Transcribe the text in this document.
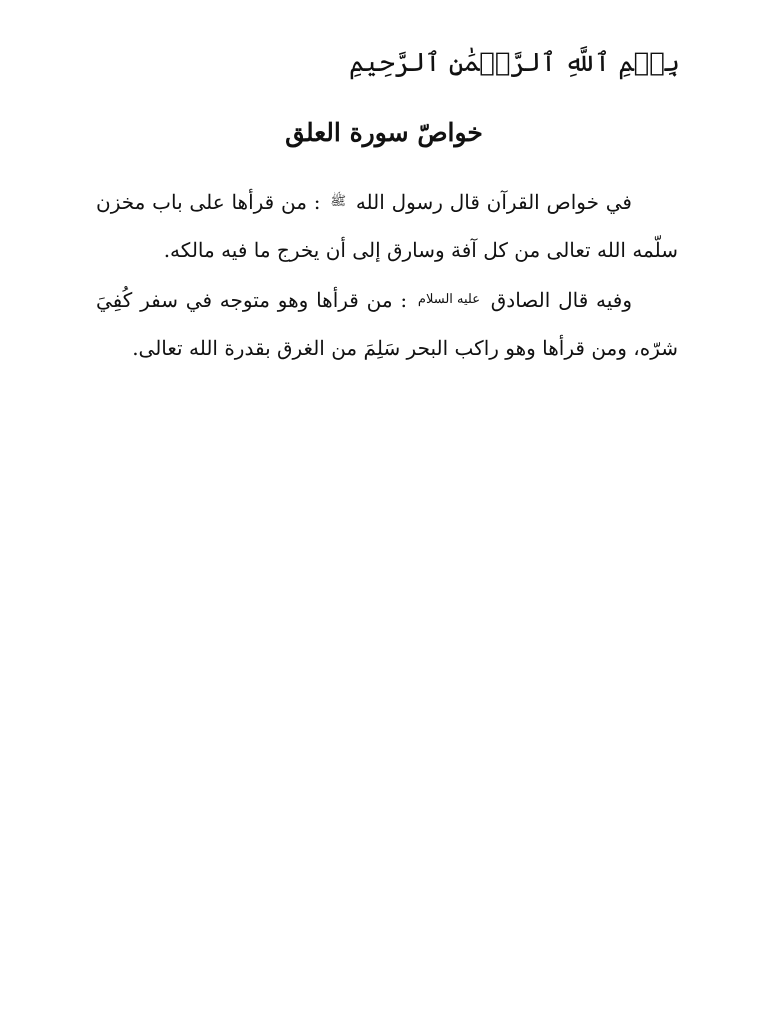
بِسۡمِ ٱللَّهِ ٱلرَّحۡمَٰنِ ٱلرَّحِيمِ
خواصّ سورة العلق

في خواص القرآن قال رسول الله ﷺ : من قرأها على باب مخزن سلّمه الله تعالى من كل آفة وسارق إلى أن يخرج ما فيه مالكه.

وفيه قال الصادق عليه السلام : من قرأها وهو متوجه في سفر كُفِيَ شرّه، ومن قرأها وهو راكب البحر سَلِمَ من الغرق بقدرة الله تعالى.
